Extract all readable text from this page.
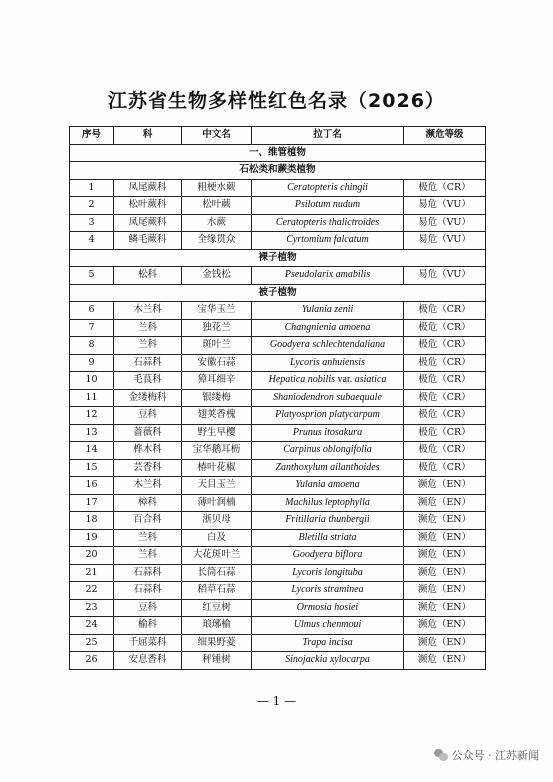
江苏省生物多样性红色名录（2026）
序号	科	中文名	拉丁名	濒危等级
一、维管植物				
石松类和蕨类植物				
1	凤尾蕨科	粗梗水蕨	Ceratopteris chingii	极危（CR）
2	松叶蕨科	松叶蕨	Psilotum nudum	易危（VU）
3	凤尾蕨科	水蕨	Ceratopteris thalictroides	易危（VU）
4	鳞毛蕨科	全缘贯众	Cyrtomium falcatum	易危（VU）
裸子植物				
5	松科	金钱松	Pseudolarix amabilis	易危（VU）
被子植物				
6	木兰科	宝华玉兰	Yulania zenii	极危（CR）
7	兰科	独花兰	Changnienia amoena	极危（CR）
8	兰科	斑叶兰	Goodyera schlechtendaliana	极危（CR）
9	石蒜科	安徽石蒜	Lycoris anhuiensis	极危（CR）
10	毛茛科	獐耳细辛	Hepatica nobilis var. asiatica	极危（CR）
11	金缕梅科	银缕梅	Shaniodendron subaequale	极危（CR）
12	豆科	翅荚香槐	Platyosprion platycarpum	极危（CR）
13	蔷薇科	野生早樱	Prunus itosakura	极危（CR）
14	桦木科	宝华鹅耳枥	Carpinus oblongifolia	极危（CR）
15	芸香科	椿叶花椒	Zanthoxylum ailanthoides	极危（CR）
16	木兰科	天目玉兰	Yulania amoena	濒危（EN）
17	樟科	薄叶润楠	Machilus leptophylla	濒危（EN）
18	百合科	浙贝母	Fritillaria thunbergii	濒危（EN）
19	兰科	白及	Bletilla striata	濒危（EN）
20	兰科	大花斑叶兰	Goodyera biflora	濒危（EN）
21	石蒜科	长筒石蒜	Lycoris longituba	濒危（EN）
22	石蒜科	稻草石蒜	Lycoris straminea	濒危（EN）
23	豆科	红豆树	Ormosia hosiei	濒危（EN）
24	榆科	琅琊榆	Ulmus chenmoui	濒危（EN）
25	千屈菜科	细果野菱	Trapa incisa	濒危（EN）
26	安息香科	秤锤树	Sinojackia xylocarpa	濒危（EN）
— 1 —
公众号 · 江苏新闻
